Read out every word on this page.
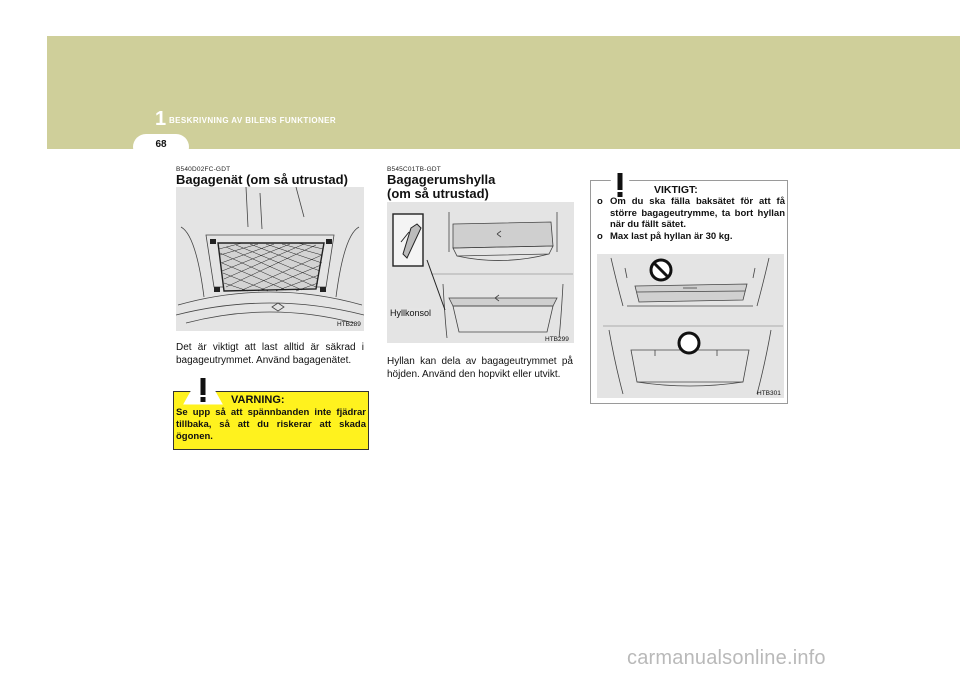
1 BESKRIVNING AV BILENS FUNKTIONER
68
B540D02FC-GDT
Bagagenät (om så utrustad)
HTB289
Det är viktigt att last alltid är säkrad i bagageutrymmet. Använd bagagenätet.
VARNING:
Se upp så att spännbanden inte fjädrar tillbaka, så att du riskerar att skada ögonen.
B545C01TB-GDT
Bagagerumshylla
(om så utrustad)
HTB299
Hyllkonsol
Hyllan kan dela av bagageutrymmet på höjden. Använd den hopvikt eller utvikt.
VIKTIGT:
o Om du ska fälla baksätet för att få större bagageutrymme, ta bort hyllan när du fällt sätet.
o Max last på hyllan är 30 kg.
HTB301
carmanualsonline.info
